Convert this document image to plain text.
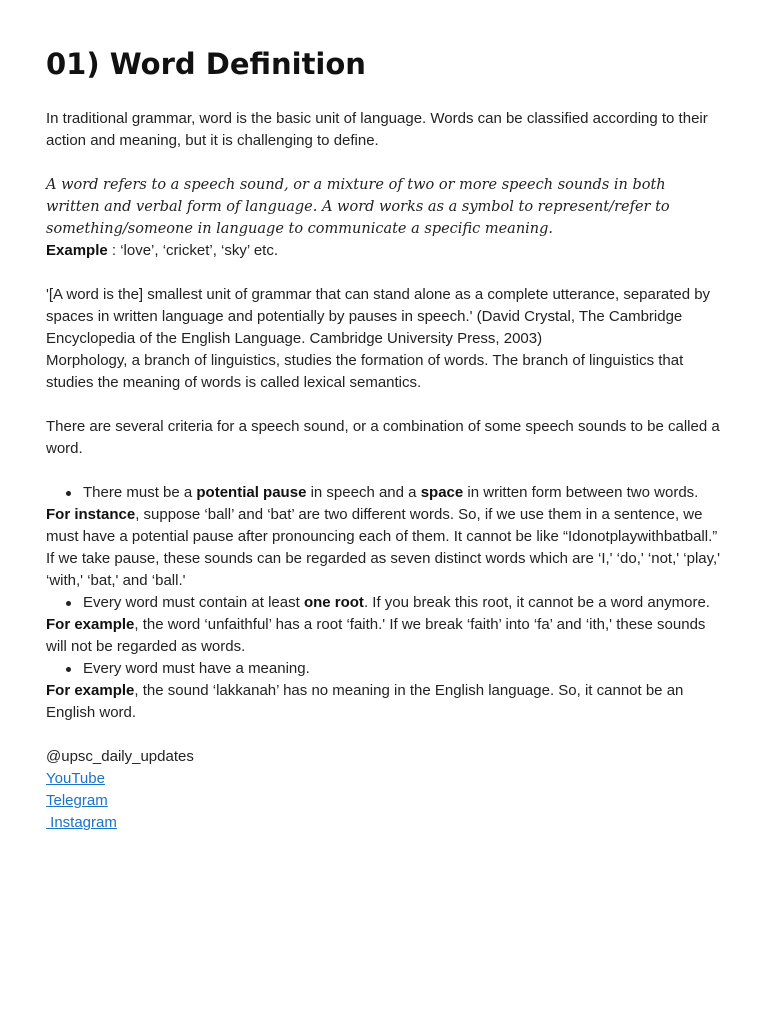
01) Word Definition

In traditional grammar, word is the basic unit of language. Words can be classified according to their action and meaning, but it is challenging to define.

A word refers to a speech sound, or a mixture of two or more speech sounds in both written and verbal form of language. A word works as a symbol to represent/refer to something/someone in language to communicate a specific meaning.

Example : ‘love’, ‘cricket’, ‘sky’ etc.

'[A word is the] smallest unit of grammar that can stand alone as a complete utterance, separated by spaces in written language and potentially by pauses in speech.' (David Crystal, The Cambridge Encyclopedia of the English Language. Cambridge University Press, 2003)

Morphology, a branch of linguistics, studies the formation of words. The branch of linguistics that studies the meaning of words is called lexical semantics.

There are several criteria for a speech sound, or a combination of some speech sounds to be called a word.

There must be a potential pause in speech and a space in written form between two words.

For instance, suppose ‘ball’ and ‘bat’ are two different words. So, if we use them in a sentence, we must have a potential pause after pronouncing each of them. It cannot be like “Idonotplaywithbatball.” If we take pause, these sounds can be regarded as seven distinct words which are ‘I,' ‘do,' ‘not,' ‘play,' ‘with,' ‘bat,' and ‘ball.'

Every word must contain at least one root. If you break this root, it cannot be a word anymore.

For example, the word ‘unfaithful’ has a root ‘faith.' If we break ‘faith’ into ‘fa’ and ‘ith,' these sounds will not be regarded as words.

Every word must have a meaning.

For example, the sound ‘lakkanah’ has no meaning in the English language. So, it cannot be an English word.

@upsc_daily_updates

YouTube
Telegram
Instagram
